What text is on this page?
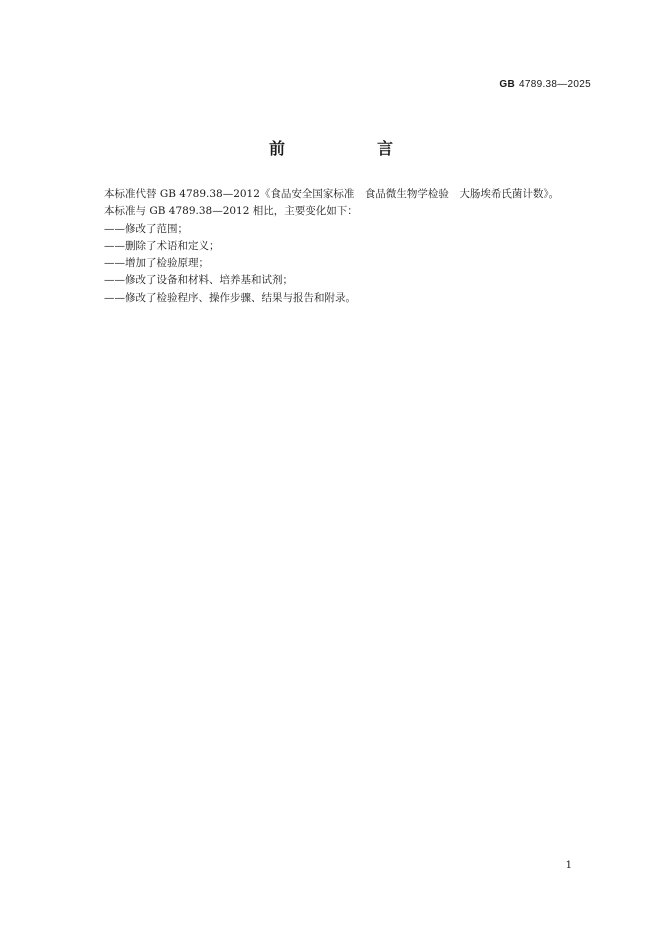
GB 4789.38—2025
前　言

本标准代替 GB 4789.38—2012《食品安全国家标准　食品微生物学检验　大肠埃希氏菌计数》。

本标准与 GB 4789.38—2012 相比，主要变化如下：

——修改了范围；

——删除了术语和定义；

——增加了检验原理；

——修改了设备和材料、培养基和试剂；

——修改了检验程序、操作步骤、结果与报告和附录。

1
